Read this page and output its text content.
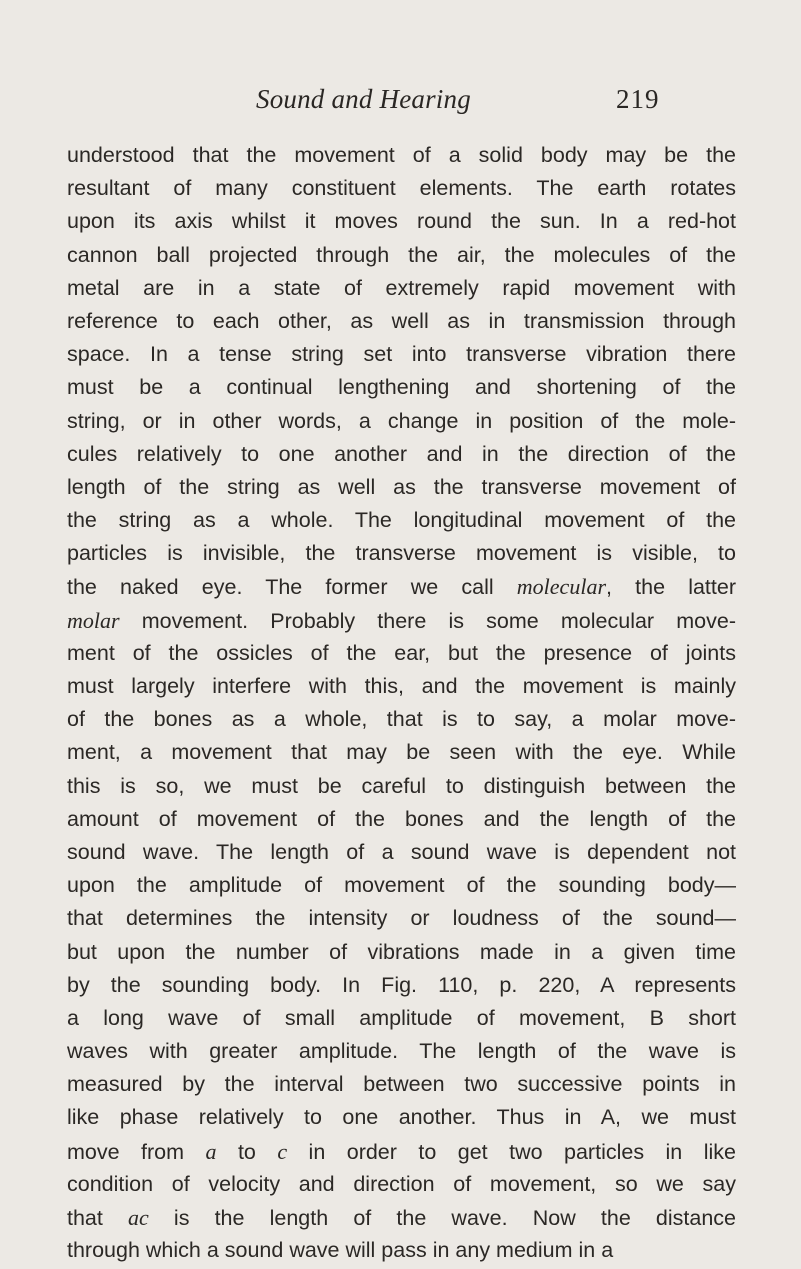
Sound and Hearing	219
understood that the movement of a solid body may be the
resultant of many constituent elements. The earth rotates
upon its axis whilst it moves round the sun. In a red-hot
cannon ball projected through the air, the molecules of the
metal are in a state of extremely rapid movement with
reference to each other, as well as in transmission through
space. In a tense string set into transverse vibration there
must be a continual lengthening and shortening of the
string, or in other words, a change in position of the mole-
cules relatively to one another and in the direction of the
length of the string as well as the transverse movement of
the string as a whole. The longitudinal movement of the
particles is invisible, the transverse movement is visible, to
the naked eye. The former we call molecular, the latter
molar movement. Probably there is some molecular move-
ment of the ossicles of the ear, but the presence of joints
must largely interfere with this, and the movement is mainly
of the bones as a whole, that is to say, a molar move-
ment, a movement that may be seen with the eye. While
this is so, we must be careful to distinguish between the
amount of movement of the bones and the length of the
sound wave. The length of a sound wave is dependent not
upon the amplitude of movement of the sounding body—
that determines the intensity or loudness of the sound—
but upon the number of vibrations made in a given time
by the sounding body. In Fig. 110, p. 220, A represents
a long wave of small amplitude of movement, B short
waves with greater amplitude. The length of the wave is
measured by the interval between two successive points in
like phase relatively to one another. Thus in A, we must
move from a to c in order to get two particles in like
condition of velocity and direction of movement, so we say
that ac is the length of the wave. Now the distance
through which a sound wave will pass in any medium in a
